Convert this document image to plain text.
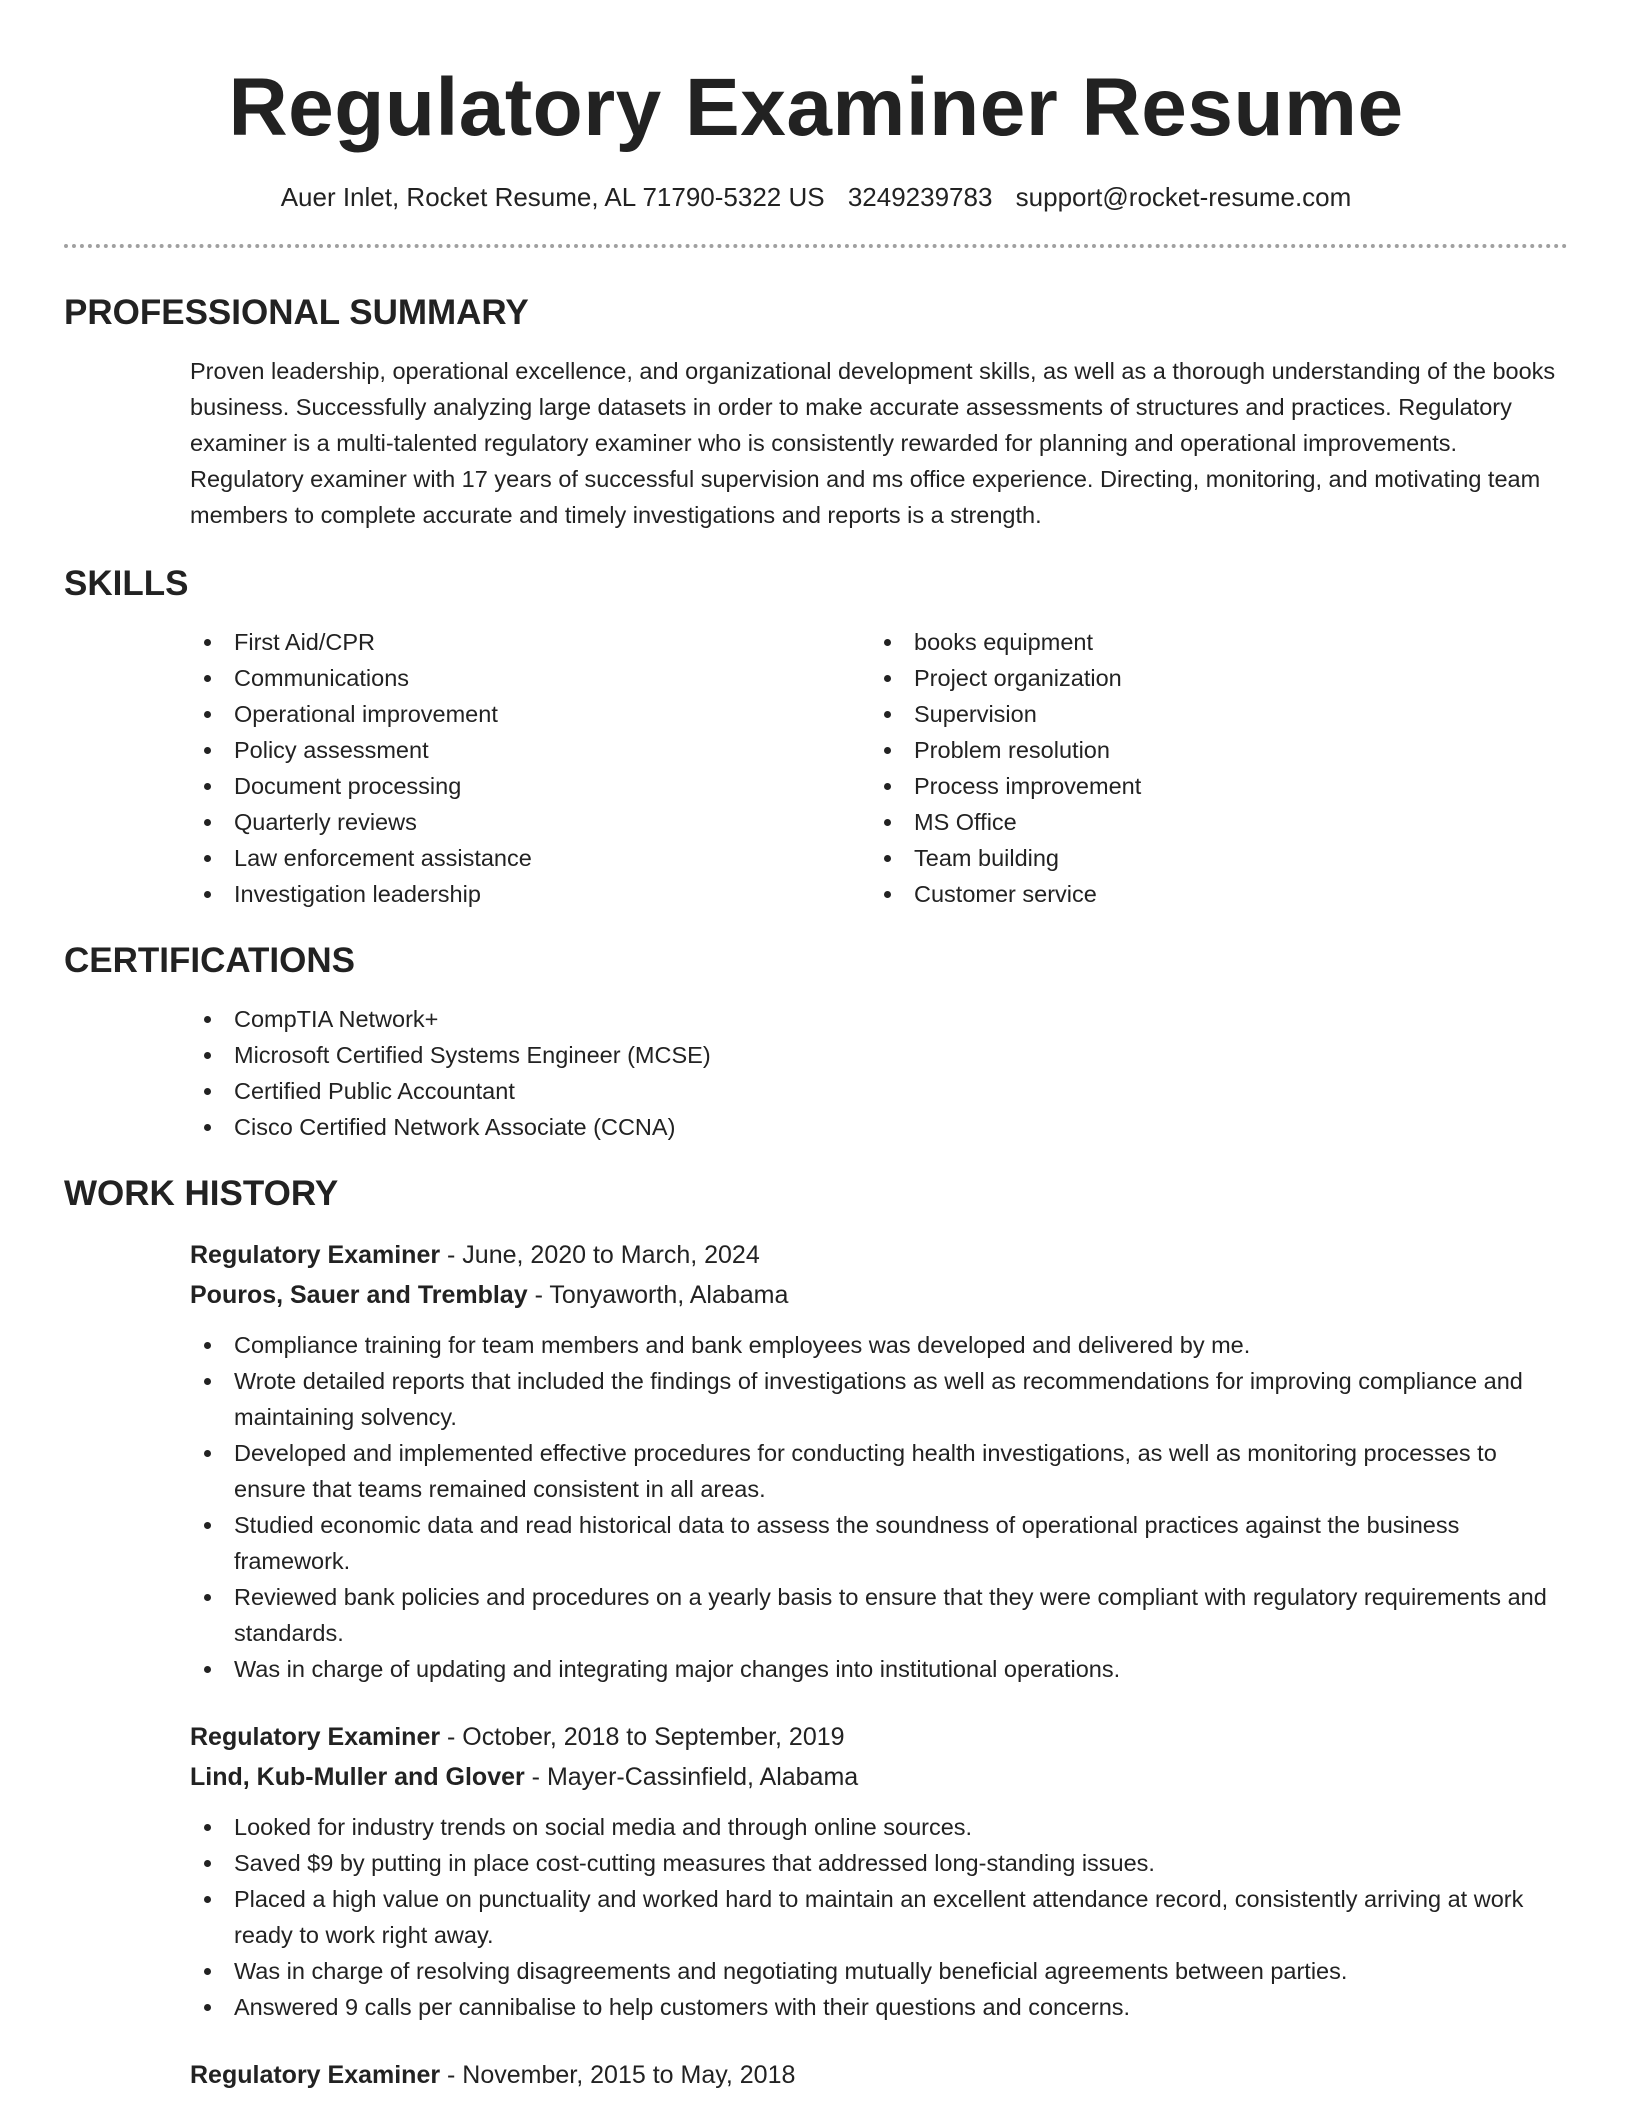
Regulatory Examiner Resume
Auer Inlet, Rocket Resume, AL 71790-5322 US 3249239783 support@rocket-resume.com
PROFESSIONAL SUMMARY

Proven leadership, operational excellence, and organizational development skills, as well as a thorough understanding of the books business. Successfully analyzing large datasets in order to make accurate assessments of structures and practices. Regulatory examiner is a multi-talented regulatory examiner who is consistently rewarded for planning and operational improvements. Regulatory examiner with 17 years of successful supervision and ms office experience. Directing, monitoring, and motivating team members to complete accurate and timely investigations and reports is a strength.

SKILLS
First Aid/CPR
Communications
Operational improvement
Policy assessment
Document processing
Quarterly reviews
Law enforcement assistance
Investigation leadership
books equipment
Project organization
Supervision
Problem resolution
Process improvement
MS Office
Team building
Customer service
CERTIFICATIONS
CompTIA Network+
Microsoft Certified Systems Engineer (MCSE)
Certified Public Accountant
Cisco Certified Network Associate (CCNA)
WORK HISTORY
Regulatory Examiner - June, 2020 to March, 2024
Pouros, Sauer and Tremblay - Tonyaworth, Alabama
Compliance training for team members and bank employees was developed and delivered by me.
Wrote detailed reports that included the findings of investigations as well as recommendations for improving compliance and maintaining solvency.
Developed and implemented effective procedures for conducting health investigations, as well as monitoring processes to ensure that teams remained consistent in all areas.
Studied economic data and read historical data to assess the soundness of operational practices against the business framework.
Reviewed bank policies and procedures on a yearly basis to ensure that they were compliant with regulatory requirements and standards.
Was in charge of updating and integrating major changes into institutional operations.
Regulatory Examiner - October, 2018 to September, 2019
Lind, Kub-Muller and Glover - Mayer-Cassinfield, Alabama
Looked for industry trends on social media and through online sources.
Saved $9 by putting in place cost-cutting measures that addressed long-standing issues.
Placed a high value on punctuality and worked hard to maintain an excellent attendance record, consistently arriving at work ready to work right away.
Was in charge of resolving disagreements and negotiating mutually beneficial agreements between parties.
Answered 9 calls per cannibalise to help customers with their questions and concerns.
Regulatory Examiner - November, 2015 to May, 2018
